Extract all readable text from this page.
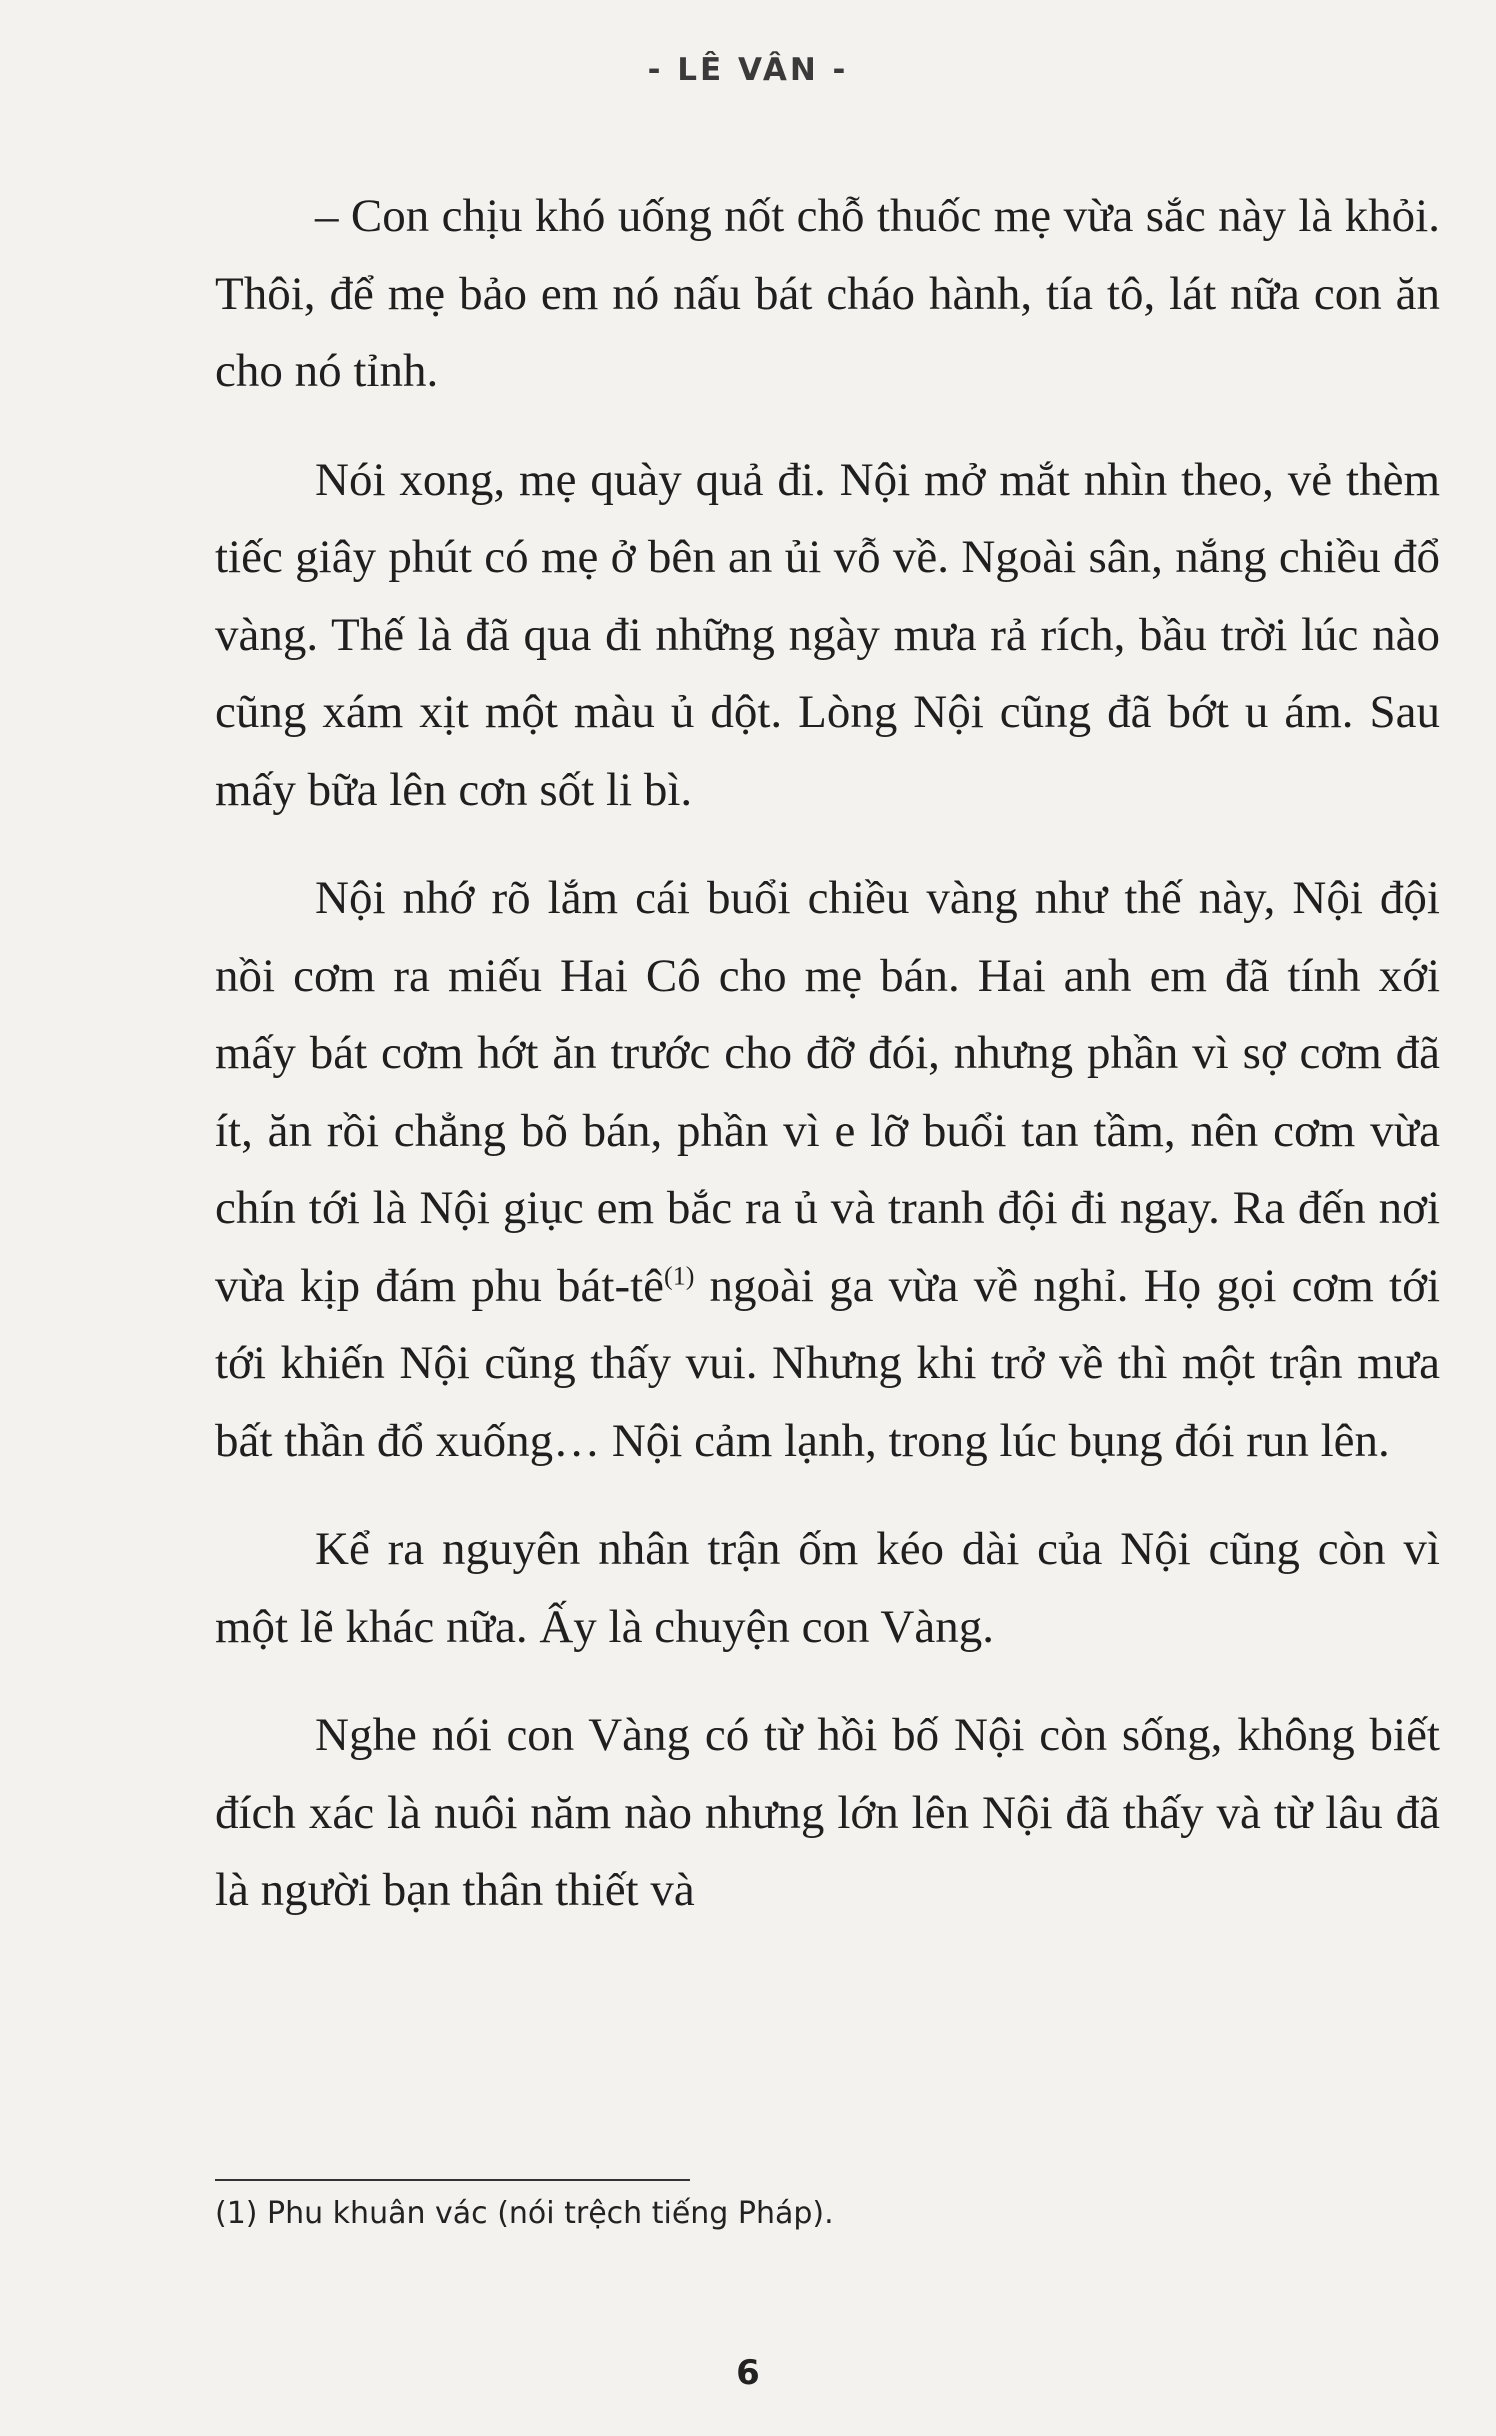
- LÊ VÂN -

– Con chịu khó uống nốt chỗ thuốc mẹ vừa sắc này là khỏi. Thôi, để mẹ bảo em nó nấu bát cháo hành, tía tô, lát nữa con ăn cho nó tỉnh.

Nói xong, mẹ quày quả đi. Nội mở mắt nhìn theo, vẻ thèm tiếc giây phút có mẹ ở bên an ủi vỗ về. Ngoài sân, nắng chiều đổ vàng. Thế là đã qua đi những ngày mưa rả rích, bầu trời lúc nào cũng xám xịt một màu ủ dột. Lòng Nội cũng đã bớt u ám. Sau mấy bữa lên cơn sốt li bì.

Nội nhớ rõ lắm cái buổi chiều vàng như thế này, Nội đội nồi cơm ra miếu Hai Cô cho mẹ bán. Hai anh em đã tính xới mấy bát cơm hớt ăn trước cho đỡ đói, nhưng phần vì sợ cơm đã ít, ăn rồi chẳng bõ bán, phần vì e lỡ buổi tan tầm, nên cơm vừa chín tới là Nội giục em bắc ra ủ và tranh đội đi ngay. Ra đến nơi vừa kịp đám phu bát-tê$^{(1)}$ ngoài ga vừa về nghỉ. Họ gọi cơm tới tới khiến Nội cũng thấy vui. Nhưng khi trở về thì một trận mưa bất thần đổ xuống… Nội cảm lạnh, trong lúc bụng đói run lên.

Kể ra nguyên nhân trận ốm kéo dài của Nội cũng còn vì một lẽ khác nữa. Ấy là chuyện con Vàng.

Nghe nói con Vàng có từ hồi bố Nội còn sống, không biết đích xác là nuôi năm nào nhưng lớn lên Nội đã thấy và từ lâu đã là người bạn thân thiết và

(1) Phu khuân vác (nói trệch tiếng Pháp).
6
